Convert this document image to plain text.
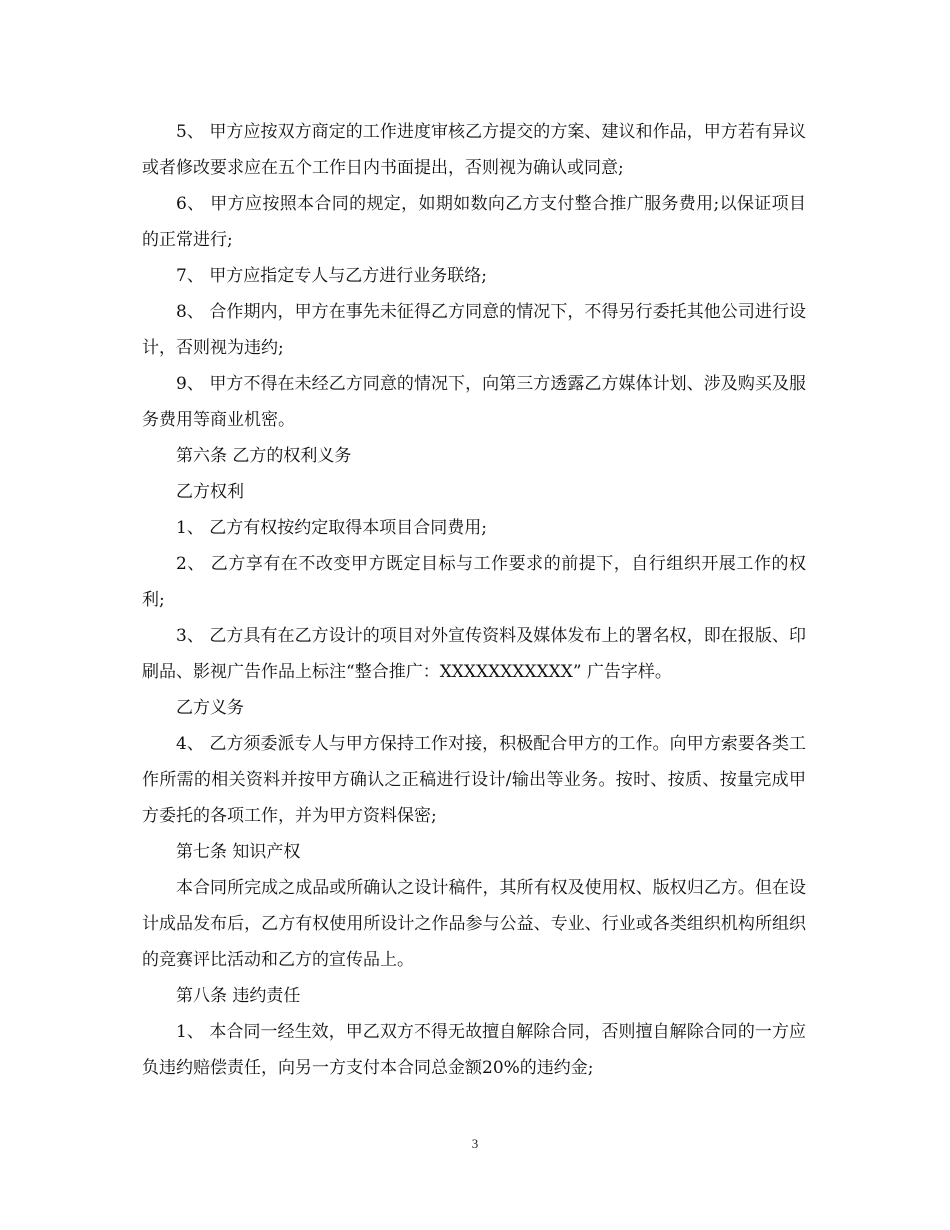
5、 甲方应按双方商定的工作进度审核乙方提交的方案、建议和作品，甲方若有异议或者修改要求应在五个工作日内书面提出，否则视为确认或同意;

6、 甲方应按照本合同的规定，如期如数向乙方支付整合推广服务费用;以保证项目的正常进行;

7、 甲方应指定专人与乙方进行业务联络;

8、 合作期内，甲方在事先未征得乙方同意的情况下，不得另行委托其他公司进行设计，否则视为违约;

9、 甲方不得在未经乙方同意的情况下，向第三方透露乙方媒体计划、涉及购买及服务费用等商业机密。

第六条 乙方的权利义务

乙方权利

1、 乙方有权按约定取得本项目合同费用;

2、 乙方享有在不改变甲方既定目标与工作要求的前提下，自行组织开展工作的权利;

3、 乙方具有在乙方设计的项目对外宣传资料及媒体发布上的署名权，即在报版、印刷品、影视广告作品上标注“整合推广：XXXXXXXXXXX” 广告字样。

乙方义务

4、 乙方须委派专人与甲方保持工作对接，积极配合甲方的工作。向甲方索要各类工作所需的相关资料并按甲方确认之正稿进行设计/输出等业务。按时、按质、按量完成甲方委托的各项工作，并为甲方资料保密;

第七条 知识产权

本合同所完成之成品或所确认之设计稿件，其所有权及使用权、版权归乙方。但在设计成品发布后，乙方有权使用所设计之作品参与公益、专业、行业或各类组织机构所组织的竞赛评比活动和乙方的宣传品上。

第八条 违约责任

1、 本合同一经生效，甲乙双方不得无故擅自解除合同，否则擅自解除合同的一方应负违约赔偿责任，向另一方支付本合同总金额20%的违约金;

3
